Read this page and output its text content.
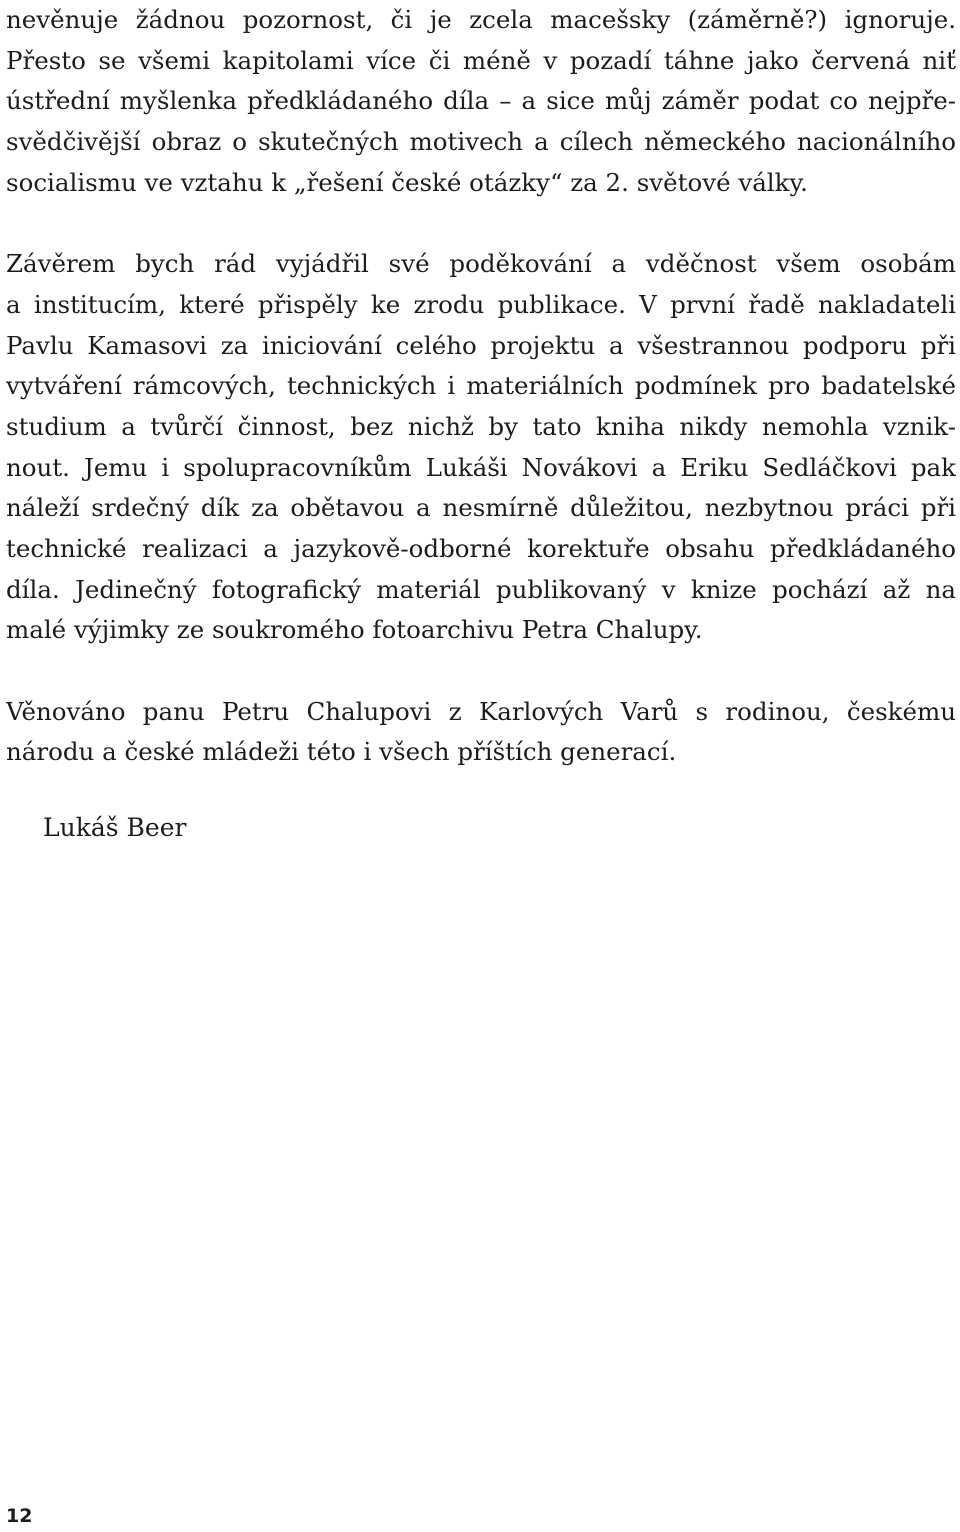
nevěnuje žádnou pozornost, či je zcela macešsky (záměrně?) ignoruje.
Přesto se všemi kapitolami více či méně v pozadí táhne jako červená niť
ústřední myšlenka předkládaného díla – a sice můj záměr podat co nejpře-
svědčivější obraz o skutečných motivech a cílech německého nacionálního
socialismu ve vztahu k „řešení české otázky“ za 2. světové války.
Závěrem bych rád vyjádřil své poděkování a vděčnost všem osobám
a institucím, které přispěly ke zrodu publikace. V první řadě nakladateli
Pavlu Kamasovi za iniciování celého projektu a všestrannou podporu při
vytváření rámcových, technických i materiálních podmínek pro badatelské
studium a tvůrčí činnost, bez nichž by tato kniha nikdy nemohla vznik-
nout. Jemu i spolupracovníkům Lukáši Novákovi a Eriku Sedláčkovi pak
náleží srdečný dík za obětavou a nesmírně důležitou, nezbytnou práci při
technické realizaci a jazykově-odborné korektuře obsahu předkládaného
díla. Jedinečný fotografický materiál publikovaný v knize pochází až na
malé výjimky ze soukromého fotoarchivu Petra Chalupy.
Věnováno panu Petru Chalupovi z Karlových Varů s rodinou, českému
národu a české mládeži této i všech příštích generací.
Lukáš Beer
12
